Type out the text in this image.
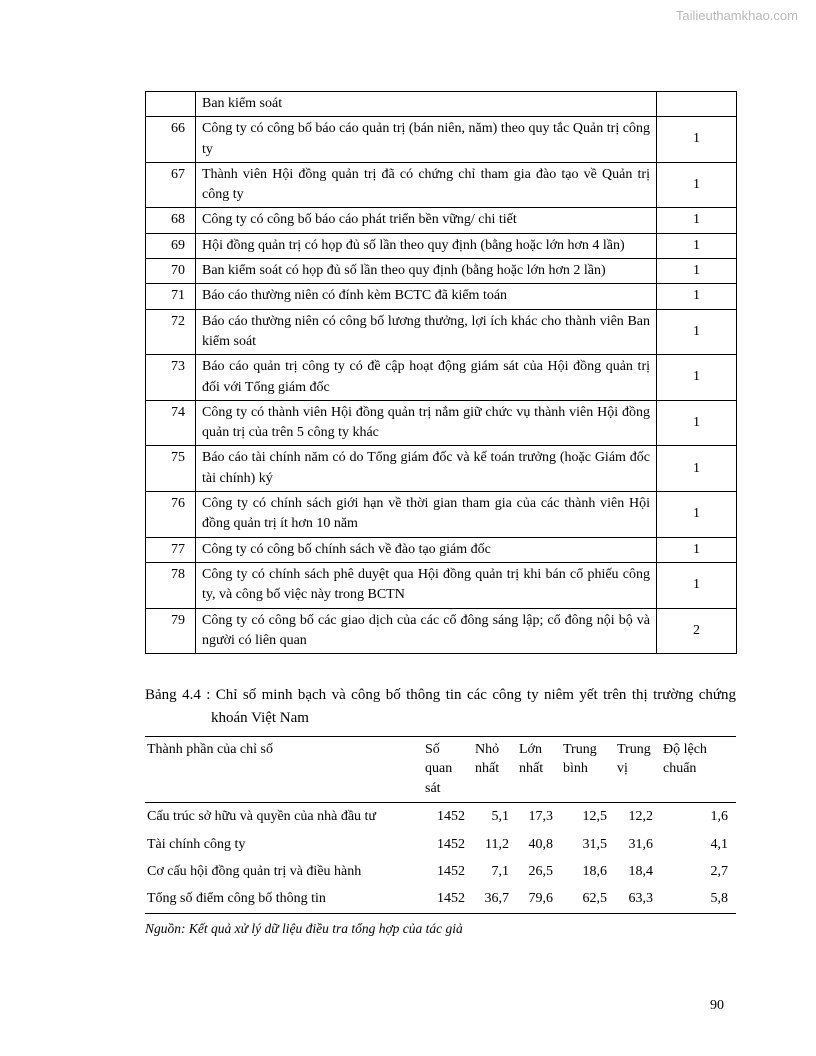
Tailieuthamkhao.com
	Ban kiểm soát	
66	Công ty có công bố báo cáo quản trị (bán niên, năm) theo quy tắc Quản trị công ty	1
67	Thành viên Hội đồng quản trị đã có chứng chỉ tham gia đào tạo về Quản trị công ty	1
68	Công ty có công bố báo cáo phát triển bền vững/ chi tiết	1
69	Hội đồng quản trị có họp đủ số lần theo quy định (bằng hoặc lớn hơn 4 lần)	1
70	Ban kiểm soát có họp đủ số lần theo quy định (bằng hoặc lớn hơn 2 lần)	1
71	Báo cáo thường niên có đính kèm BCTC đã kiểm toán	1
72	Báo cáo thường niên có công bố lương thưởng, lợi ích khác cho thành viên Ban kiểm soát	1
73	Báo cáo quản trị công ty có đề cập hoạt động giám sát của Hội đồng quản trị đối với Tổng giám đốc	1
74	Công ty có thành viên Hội đồng quản trị nắm giữ chức vụ thành viên Hội đồng quản trị của trên 5 công ty khác	1
75	Báo cáo tài chính năm có do Tổng giám đốc và kế toán trưởng (hoặc Giám đốc tài chính) ký	1
76	Công ty có chính sách giới hạn về thời gian tham gia của các thành viên Hội đồng quản trị ít hơn 10 năm	1
77	Công ty có công bố chính sách về đào tạo giám đốc	1
78	Công ty có chính sách phê duyệt qua Hội đồng quản trị khi bán cổ phiếu công ty, và công bố việc này trong BCTN	1
79	Công ty có công bố các giao dịch của các cổ đông sáng lập; cổ đông nội bộ và người có liên quan	2
Bảng 4.4 : Chỉ số minh bạch và công bố thông tin các công ty niêm yết trên thị trường chứng khoán Việt Nam
Thành phần của chỉ số	Số quan sát	Nhỏ nhất	Lớn nhất	Trung bình	Trung vị	Độ lệch chuẩn
Cấu trúc sở hữu và quyền của nhà đầu tư	1452	5,1	17,3	12,5	12,2	1,6
Tài chính công ty	1452	11,2	40,8	31,5	31,6	4,1
Cơ cấu hội đồng quản trị và điều hành	1452	7,1	26,5	18,6	18,4	2,7
Tổng số điểm công bố thông tin	1452	36,7	79,6	62,5	63,3	5,8
Nguồn: Kết quả xử lý dữ liệu điều tra tổng hợp của tác giả
90
